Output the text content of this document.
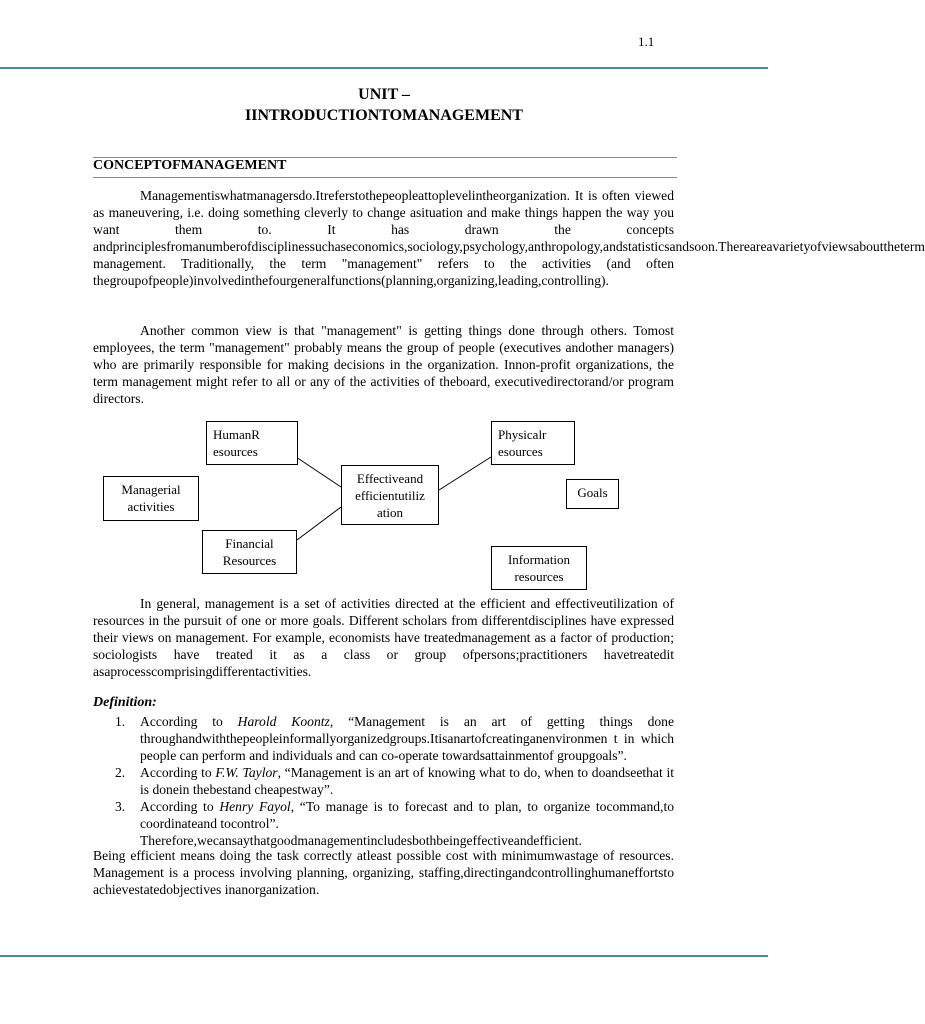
1.1
UNIT –
IINTRODUCTIONTOMANAGEMENT
CONCEPTOFMANAGEMENT

Managementiswhatmanagersdo.Itreferstothepeopleattoplevelintheorganization. It is often viewed as maneuvering, i.e. doing something cleverly to change asituation and make things happen the way you want them to. It has drawn the concepts andprinciplesfromanumberofdisciplinessuchaseconomics,sociology,psychology,anthropology,andstatisticsandsoon.Thereareavarietyofviewsabouttheterm​management. Traditionally, the term "management" refers to the activities (and often thegroupofpeople)involvedinthefourgeneralfunctions(planning,organizing,leading,controlling).

Another common view is that "management" is getting things done through others. Tomost employees, the term "management" probably means the group of people (executives andother managers) who are primarily responsible for making decisions in the organization. Innon-profit organizations, the term management might refer to all or any of the activities of theboard, executivedirectorand/or program directors.

HumanR esources
Physicalr esources
Managerial activities
Effectiveand efficientutiliz ation
Goals
Financial Resources	Information resources

In general, management is a set of activities directed at the efficient and effectiveutilization of resources in the pursuit of one or more goals. Different scholars from differentdisciplines have expressed their views on management. For example, economists have treatedmanagement as a factor of production; sociologists have treated it as a class or group ofpersons;practitioners havetreatedit asaprocesscomprisingdifferentactivities.

Definition:
1. According to Harold Koontz, “Management is an art of getting things done throughandwiththepeopleinformallyorganizedgroups.Itisanartofcreatinganenvironmen t in which people can perform and individuals and can co-operate towardsattainmentof groupgoals”.
2. According to F.W. Taylor, “Management is an art of knowing what to do, when to doandseethat it is donein thebestand cheapestway”.
3. According to Henry Fayol, “To manage is to forecast and to plan, to organize tocommand,to coordinateand tocontrol”.

Therefore,wecansaythatgoodmanagementincludesbothbeingeffectiveandefficient.

Being efficient means doing the task correctly atleast possible cost with minimumwastage of resources. Management is a process involving planning, organizing, staffing,directingandcontrollinghumaneffortsto achievestatedobjectives inanorganization.
